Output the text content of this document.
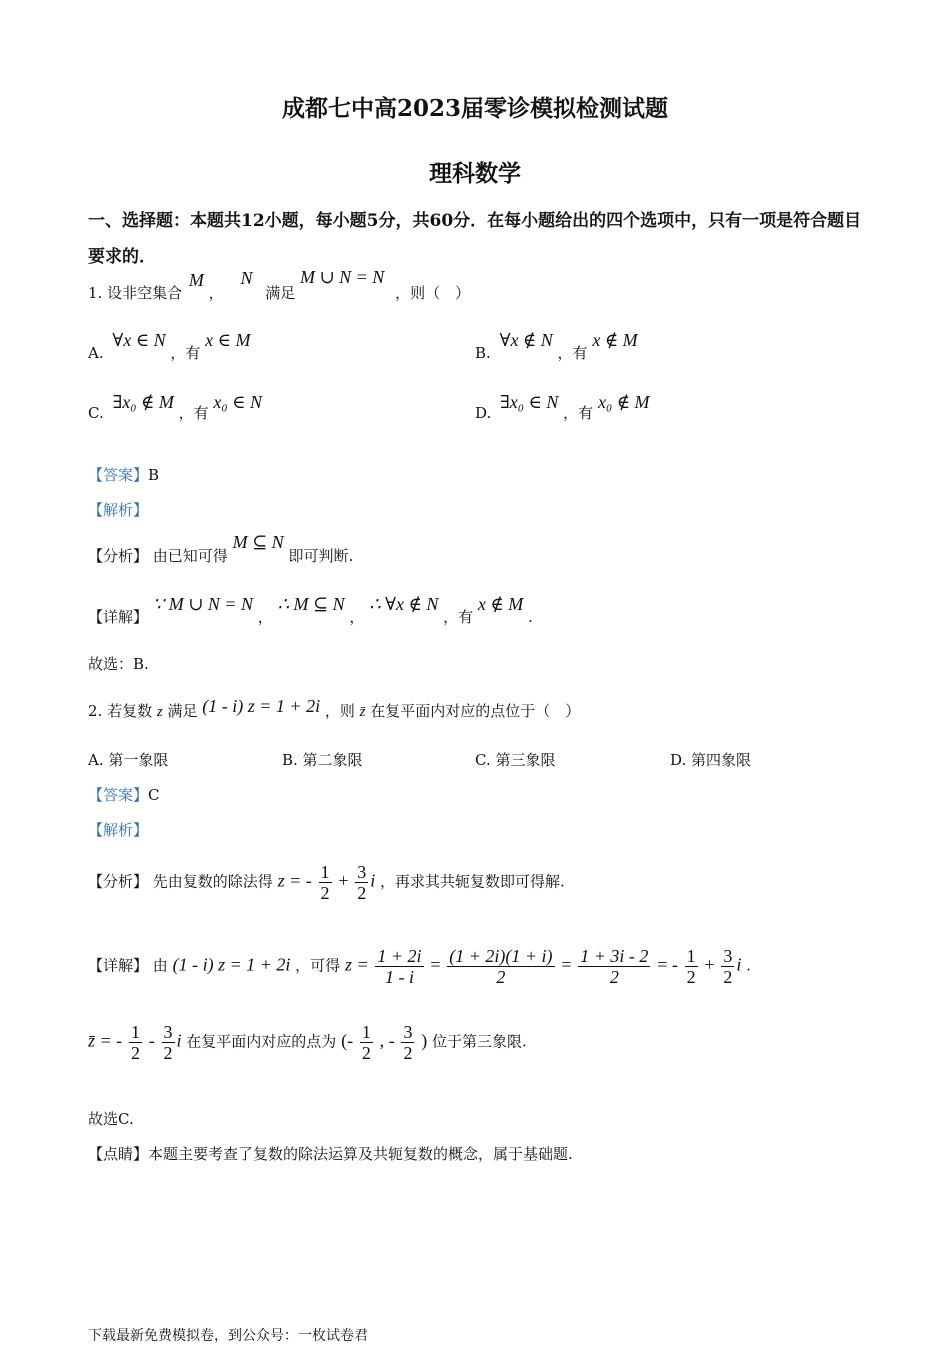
成都七中高2023届零诊模拟检测试题
理科数学
一、选择题：本题共12小题，每小题5分，共60分．在每小题给出的四个选项中，只有一项是符合题目要求的．
1. 设非空集合 M ， N 满足 M ∪ N = N ，则（　）
A. ∀x ∈ N ，有 x ∈ M
B. ∀x ∉ N ，有 x ∉ M
C. ∃x₀ ∉ M ，有 x₀ ∈ N
D. ∃x₀ ∈ N ，有 x₀ ∉ M
【答案】B
【解析】
【分析】 由已知可得 M ⊆ N 即可判断.
【详解】 ∵ M ∪ N = N ， ∴ M ⊆ N ， ∴ ∀x ∉ N ，有 x ∉ M .
故选：B.
2. 若复数 z 满足 (1 - i) z = 1 + 2i ，则 z̄ 在复平面内对应的点位于（　）
A. 第一象限	B. 第二象限	C. 第三象限	D. 第四象限
【答案】C
【解析】
【分析】 先由复数的除法得 z = - $\frac{1}{2} + \frac{3}{2}$ i ，再求其共轭复数即可得解.
【详解】 由 (1 - i) z = 1 + 2i ，可得 $z = \frac{1 + 2i}{1 - i} = \frac{(1 + 2i)(1 + i)}{2} = \frac{1 + 3i - 2}{2}$ = - $\frac{1}{2} + \frac{3}{2}$ i .
z̄ = - $\frac{1}{2} - \frac{3}{2}$ i 在复平面内对应的点为 (- $\frac{1}{2}$ , - $\frac{3}{2}$ ) 位于第三象限.
故选C.
【点睛】本题主要考查了复数的除法运算及共轭复数的概念，属于基础题.
下载最新免费模拟卷，到公众号：一枚试卷君
